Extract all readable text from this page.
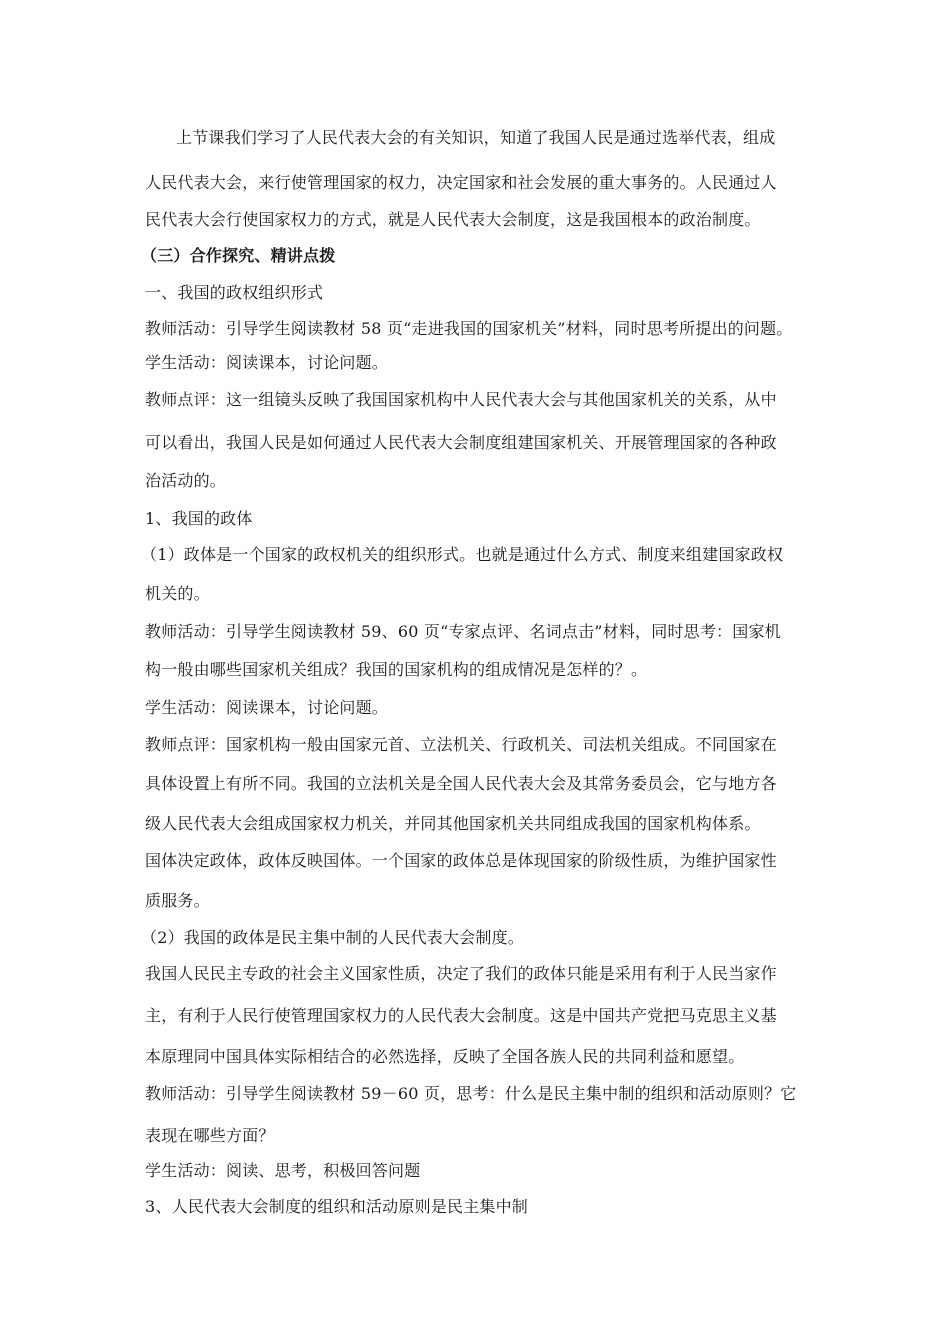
上节课我们学习了人民代表大会的有关知识，知道了我国人民是通过选举代表，组成
人民代表大会，来行使管理国家的权力，决定国家和社会发展的重大事务的。人民通过人
民代表大会行使国家权力的方式，就是人民代表大会制度，这是我国根本的政治制度。
（三）合作探究、精讲点拨
一、我国的政权组织形式
教师活动：引导学生阅读教材 58 页“走进我国的国家机关”材料，同时思考所提出的问题。
学生活动：阅读课本，讨论问题。
教师点评：这一组镜头反映了我国国家机构中人民代表大会与其他国家机关的关系，从中
可以看出，我国人民是如何通过人民代表大会制度组建国家机关、开展管理国家的各种政
治活动的。
1、我国的政体
（1）政体是一个国家的政权机关的组织形式。也就是通过什么方式、制度来组建国家政权
机关的。
教师活动：引导学生阅读教材 59、60 页“专家点评、名词点击”材料，同时思考：国家机
构一般由哪些国家机关组成？我国的国家机构的组成情况是怎样的？。
学生活动：阅读课本，讨论问题。
教师点评：国家机构一般由国家元首、立法机关、行政机关、司法机关组成。不同国家在
具体设置上有所不同。我国的立法机关是全国人民代表大会及其常务委员会，它与地方各
级人民代表大会组成国家权力机关，并同其他国家机关共同组成我国的国家机构体系。
国体决定政体，政体反映国体。一个国家的政体总是体现国家的阶级性质，为维护国家性
质服务。
（2）我国的政体是民主集中制的人民代表大会制度。
我国人民民主专政的社会主义国家性质，决定了我们的政体只能是采用有利于人民当家作
主，有利于人民行使管理国家权力的人民代表大会制度。这是中国共产党把马克思主义基
本原理同中国具体实际相结合的必然选择，反映了全国各族人民的共同利益和愿望。
教师活动：引导学生阅读教材 59－60 页，思考：什么是民主集中制的组织和活动原则？它
表现在哪些方面？
学生活动：阅读、思考，积极回答问题
3、人民代表大会制度的组织和活动原则是民主集中制
